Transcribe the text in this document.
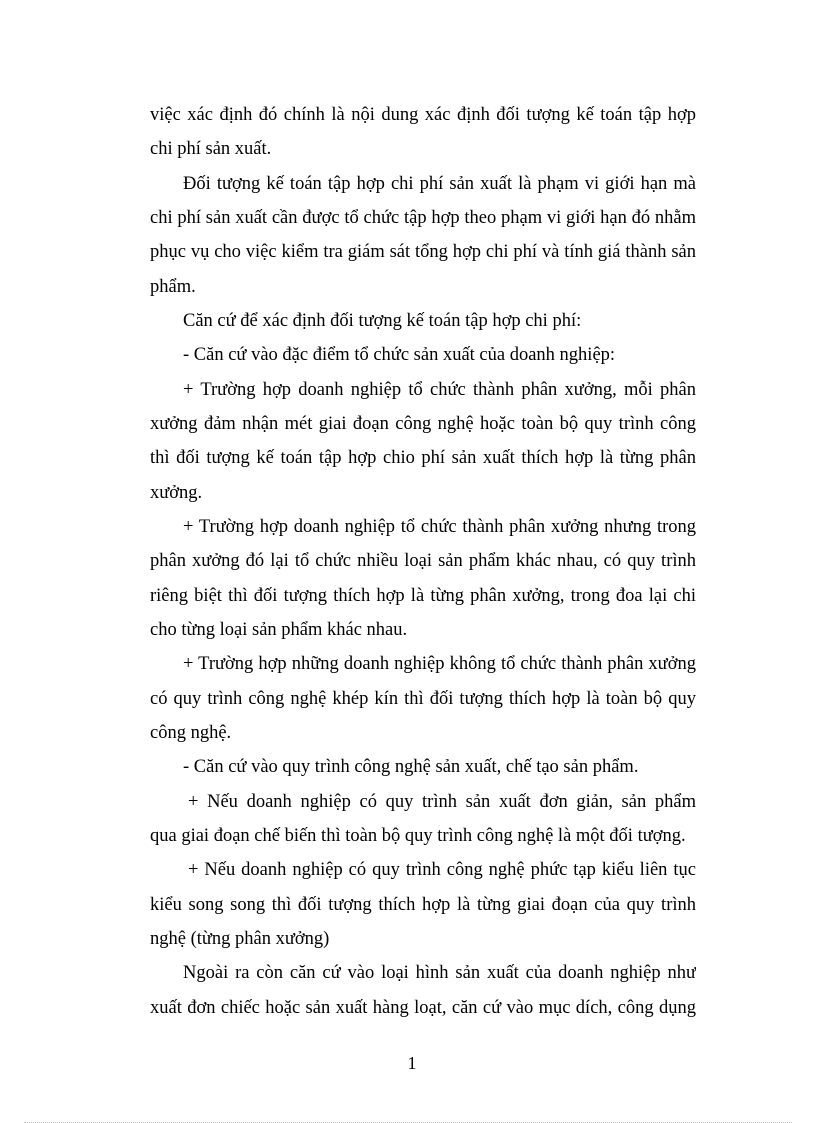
việc xác định đó chính là nội dung xác định đối tượng kế toán tập hợp
chi phí sản xuất.
Đối tượng kế toán tập hợp chi phí sản xuất là phạm vi giới hạn mà
chi phí sản xuất cần được tổ chức tập hợp theo phạm vi giới hạn đó nhằm
phục vụ cho việc kiểm tra giám sát tổng hợp chi phí và tính giá thành sản
phẩm.
Căn cứ để xác định đối tượng kế toán tập hợp chi phí:
- Căn cứ vào đặc điểm tổ chức sản xuất của doanh nghiệp:
+ Trường hợp doanh nghiệp tổ chức thành phân xưởng, mỗi phân
xưởng đảm nhận mét giai đoạn công nghệ hoặc toàn bộ quy trình công
thì đối tượng kế toán tập hợp chio phí sản xuất thích hợp là từng phân
xưởng.
+ Trường hợp doanh nghiệp tổ chức thành phân xưởng nhưng trong
phân xưởng đó lại tổ chức nhiều loại sản phẩm khác nhau, có quy trình
riêng biệt thì đối tượng thích hợp là từng phân xưởng, trong đoa lại chi
cho từng loại sản phẩm khác nhau.
+ Trường hợp những doanh nghiệp không tổ chức thành phân xưởng
có quy trình công nghệ khép kín thì đối tượng thích hợp là toàn bộ quy
công nghệ.
- Căn cứ vào quy trình công nghệ sản xuất, chế tạo sản phẩm.
+ Nếu doanh nghiệp có quy trình sản xuất đơn giản, sản phẩm
qua giai đoạn chế biến thì toàn bộ quy trình công nghệ là một đối tượng.
+ Nếu doanh nghiệp có quy trình công nghệ phức tạp kiểu liên tục
kiểu song song thì đối tượng thích hợp là từng giai đoạn của quy trình
nghệ (từng phân xưởng)
Ngoài ra còn căn cứ vào loại hình sản xuất của doanh nghiệp như
xuất đơn chiếc hoặc sản xuất hàng loạt, căn cứ vào mục dích, công dụng
1
